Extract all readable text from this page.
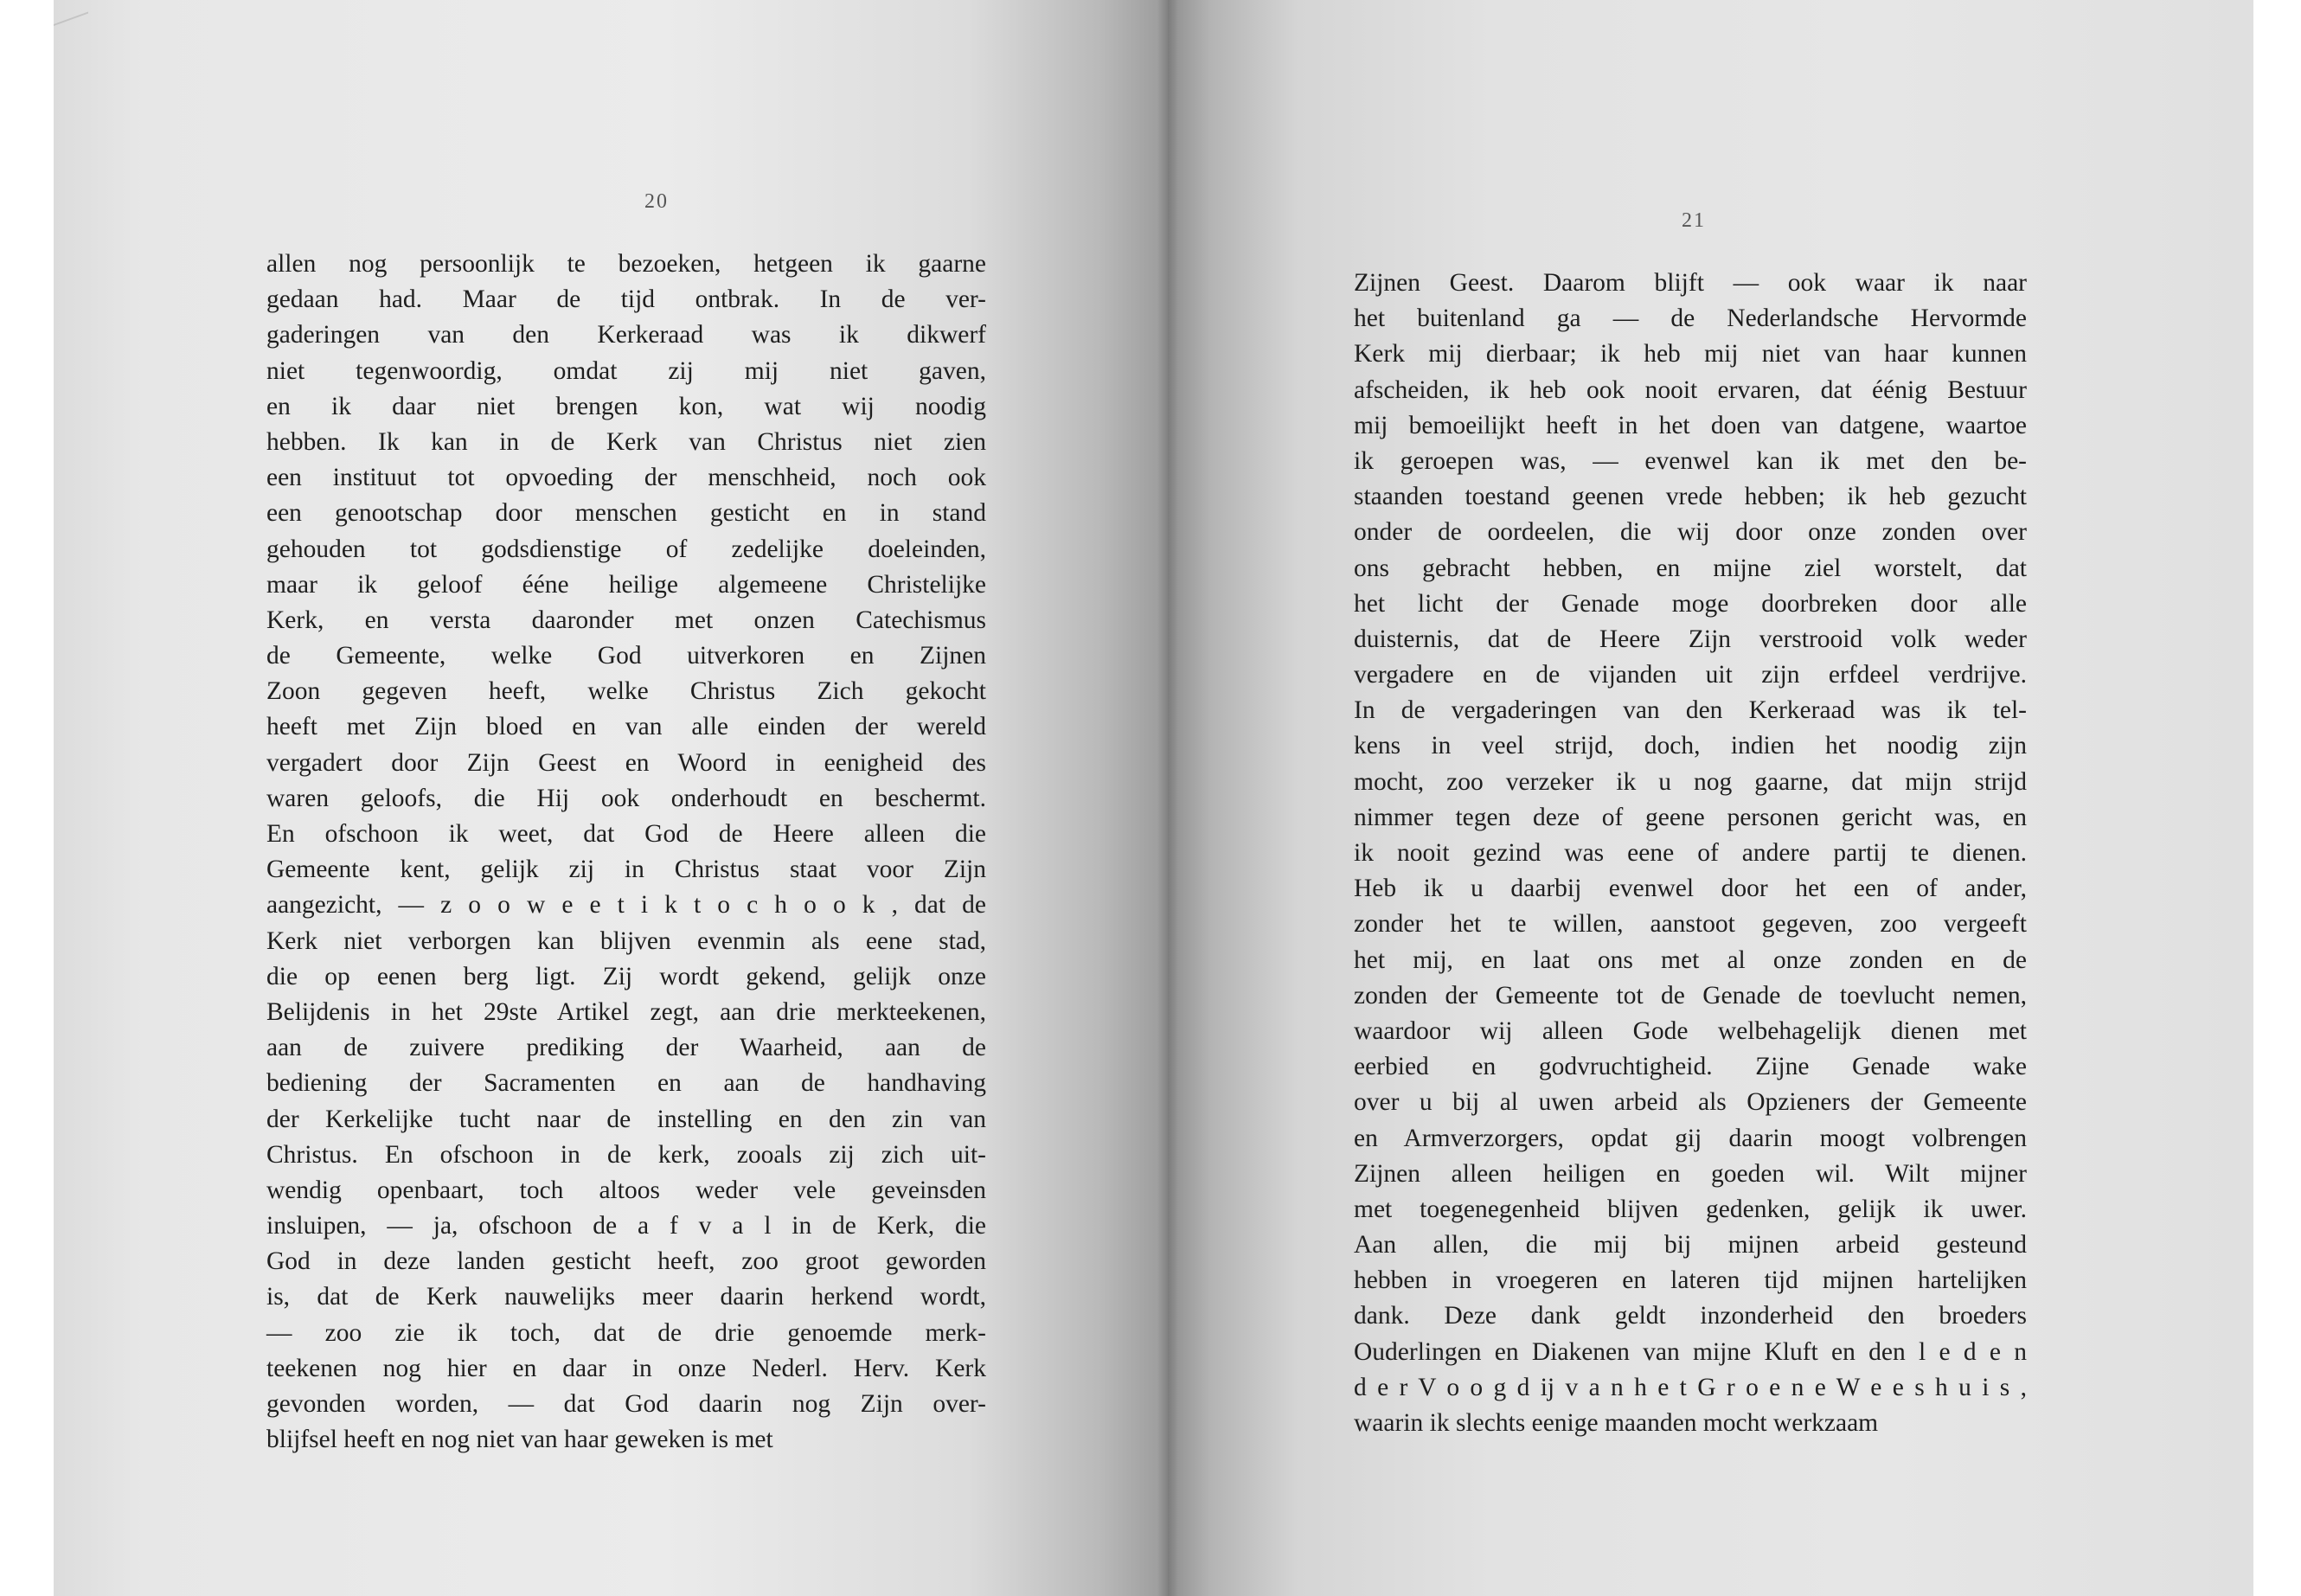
20
allen nog persoonlijk te bezoeken, hetgeen ik gaarne
gedaan had. Maar de tijd ontbrak. In de ver-
gaderingen van den Kerkeraad was ik dikwerf
niet tegenwoordig, omdat zij mij niet gaven,
en ik daar niet brengen kon, wat wij noodig
hebben. Ik kan in de Kerk van Christus niet zien
een instituut tot opvoeding der menschheid, noch ook
een genootschap door menschen gesticht en in stand
gehouden tot godsdienstige of zedelijke doeleinden,
maar ik geloof ééne heilige algemeene Christelijke
Kerk, en versta daaronder met onzen Catechismus
de Gemeente, welke God uitverkoren en Zijnen
Zoon gegeven heeft, welke Christus Zich gekocht
heeft met Zijn bloed en van alle einden der wereld
vergadert door Zijn Geest en Woord in eenigheid des
waren geloofs, die Hij ook onderhoudt en beschermt.
En ofschoon ik weet, dat God de Heere alleen die
Gemeente kent, gelijk zij in Christus staat voor Zijn
aangezicht, — z o o w e e t i k t o c h o o k , dat de
Kerk niet verborgen kan blijven evenmin als eene stad,
die op eenen berg ligt. Zij wordt gekend, gelijk onze
Belijdenis in het 29ste Artikel zegt, aan drie merkteekenen,
aan de zuivere prediking der Waarheid, aan de
bediening der Sacramenten en aan de handhaving
der Kerkelijke tucht naar de instelling en den zin van
Christus. En ofschoon in de kerk, zooals zij zich uit-
wendig openbaart, toch altoos weder vele geveinsden
insluipen, — ja, ofschoon de a f v a l in de Kerk, die
God in deze landen gesticht heeft, zoo groot geworden
is, dat de Kerk nauwelijks meer daarin herkend wordt,
— zoo zie ik toch, dat de drie genoemde merk-
teekenen nog hier en daar in onze Nederl. Herv. Kerk
gevonden worden, — dat God daarin nog Zijn over-
blijfsel heeft en nog niet van haar geweken is met
21
Zijnen Geest. Daarom blijft — ook waar ik naar
het buitenland ga — de Nederlandsche Hervormde
Kerk mij dierbaar; ik heb mij niet van haar kunnen
afscheiden, ik heb ook nooit ervaren, dat éénig Bestuur
mij bemoeilijkt heeft in het doen van datgene, waartoe
ik geroepen was, — evenwel kan ik met den be-
staanden toestand geenen vrede hebben; ik heb gezucht
onder de oordeelen, die wij door onze zonden over
ons gebracht hebben, en mijne ziel worstelt, dat
het licht der Genade moge doorbreken door alle
duisternis, dat de Heere Zijn verstrooid volk weder
vergadere en de vijanden uit zijn erfdeel verdrijve.
In de vergaderingen van den Kerkeraad was ik tel-
kens in veel strijd, doch, indien het noodig zijn
mocht, zoo verzeker ik u nog gaarne, dat mijn strijd
nimmer tegen deze of geene personen gericht was, en
ik nooit gezind was eene of andere partij te dienen.
Heb ik u daarbij evenwel door het een of ander,
zonder het te willen, aanstoot gegeven, zoo vergeeft
het mij, en laat ons met al onze zonden en de
zonden der Gemeente tot de Genade de toevlucht nemen,
waardoor wij alleen Gode welbehagelijk dienen met
eerbied en godvruchtigheid. Zijne Genade wake
over u bij al uwen arbeid als Opzieners der Gemeente
en Armverzorgers, opdat gij daarin moogt volbrengen
Zijnen alleen heiligen en goeden wil. Wilt mijner
met toegenegenheid blijven gedenken, gelijk ik uwer.
Aan allen, die mij bij mijnen arbeid gesteund
hebben in vroegeren en lateren tijd mijnen hartelijken
dank. Deze dank geldt inzonderheid den broeders
Ouderlingen en Diakenen van mijne Kluft en den l e d e n
d e r V o o g d ij v a n h e t G r o e n e W e e s h u i s ,
waarin ik slechts eenige maanden mocht werkzaam
